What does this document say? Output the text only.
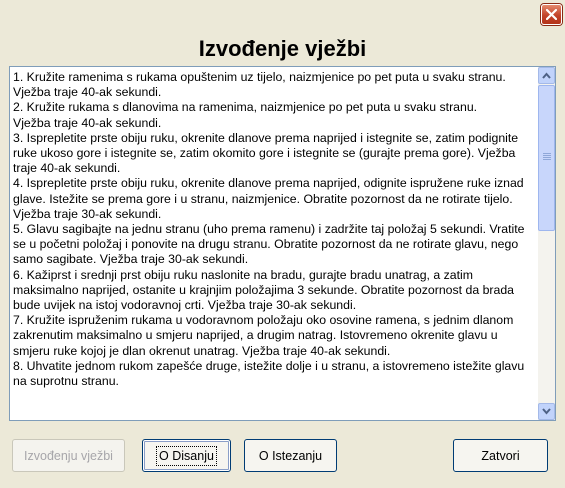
Izvođenje vježbi

1. Kružite ramenima s rukama opuštenim uz tijelo, naizmjenice po pet puta u svaku stranu.

Vježba traje 40-ak sekundi.

2. Kružite rukama s dlanovima na ramenima, naizmjenice po pet puta u svaku stranu.

Vježba traje 40-ak sekundi.

3. Isprepletite prste obiju ruku, okrenite dlanove prema naprijed i istegnite se, zatim podignite ruke ukoso gore i istegnite se, zatim okomito gore i istegnite se (gurajte prema gore). Vježba traje 40-ak sekundi.

4. Isprepletite prste obiju ruku, okrenite dlanove prema naprijed, odignite ispružene ruke iznad glave. Istežite se prema gore i u stranu, naizmjenice. Obratite pozornost da ne rotirate tijelo. Vježba traje 30-ak sekundi.

5. Glavu sagibajte na jednu stranu (uho prema ramenu) i zadržite taj položaj 5 sekundi. Vratite se u početni položaj i ponovite na drugu stranu. Obratite pozornost da ne rotirate glavu, nego samo sagibate. Vježba traje 30-ak sekundi.

6. Kažiprst i srednji prst obiju ruku naslonite na bradu, gurajte bradu unatrag, a zatim maksimalno naprijed, ostanite u krajnjim položajima 3 sekunde. Obratite pozornost da brada bude uvijek na istoj vodoravnoj crti. Vježba traje 30-ak sekundi.

7. Kružite ispruženim rukama u vodoravnom položaju oko osovine ramena, s jednim dlanom zakrenutim maksimalno u smjeru naprijed, a drugim natrag. Istovremeno okrenite glavu u smjeru ruke kojoj je dlan okrenut unatrag. Vježba traje 40-ak sekundi.

8. Uhvatite jednom rukom zapešće druge, istežite dolje i u stranu, a istovremeno istežite glavu na suprotnu stranu.

Izvođenju vježbi	O Disanju	O Istezanju	Zatvori
